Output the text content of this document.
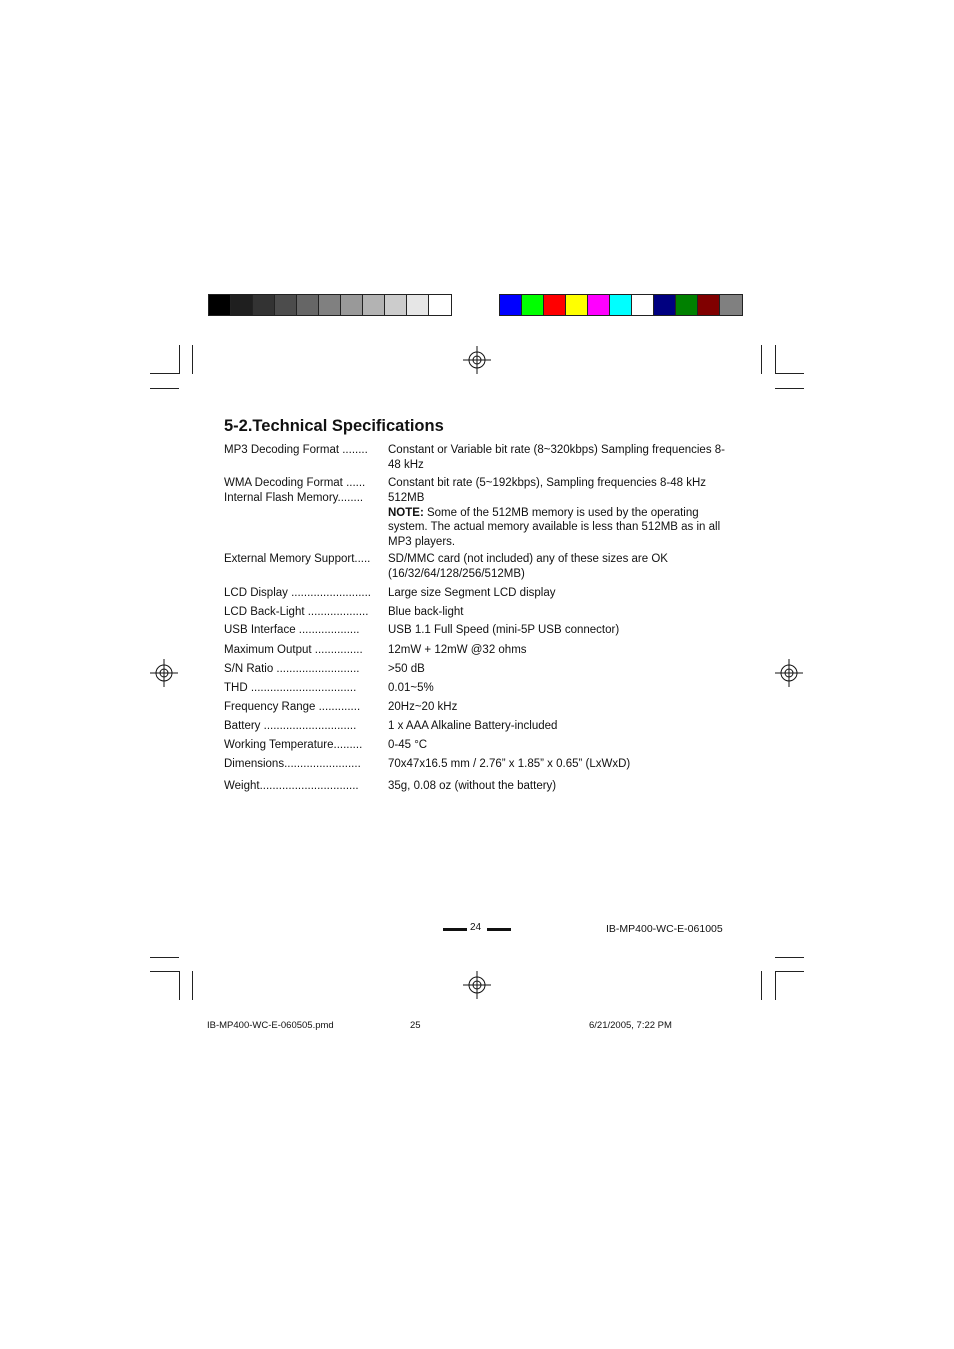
5-2.Technical Specifications
MP3 Decoding Format ........	Constant or Variable bit rate (8~320kbps) Sampling frequencies 8-48 kHz
WMA Decoding Format ......	Constant bit rate (5~192kbps), Sampling frequencies 8-48 kHz
Internal Flash Memory........	512MB

NOTE: Some of the 512MB memory is used by the operating system. The actual memory available is less than 512MB as in all MP3 players.

External Memory Support.....	SD/MMC card (not included) any of these sizes are OK (16/32/64/128/256/512MB)
LCD Display .........................	Large size Segment LCD display
LCD Back-Light ...................	Blue back-light
USB Interface ...................	USB 1.1 Full Speed (mini-5P USB connector)
Maximum Output ...............	12mW + 12mW @32 ohms
S/N Ratio ..........................	>50 dB
THD .................................	0.01~5%
Frequency Range .............	20Hz~20 kHz
Battery .............................	1 x AAA Alkaline Battery-included
Working Temperature.........	0-45 °C
Dimensions........................	70x47x16.5 mm / 2.76” x 1.85” x 0.65” (LxWxD)
Weight...............................	35g, 0.08 oz (without the battery)
24	IB-MP400-WC-E-061005
IB-MP400-WC-E-060505.pmd	25	6/21/2005, 7:22 PM
